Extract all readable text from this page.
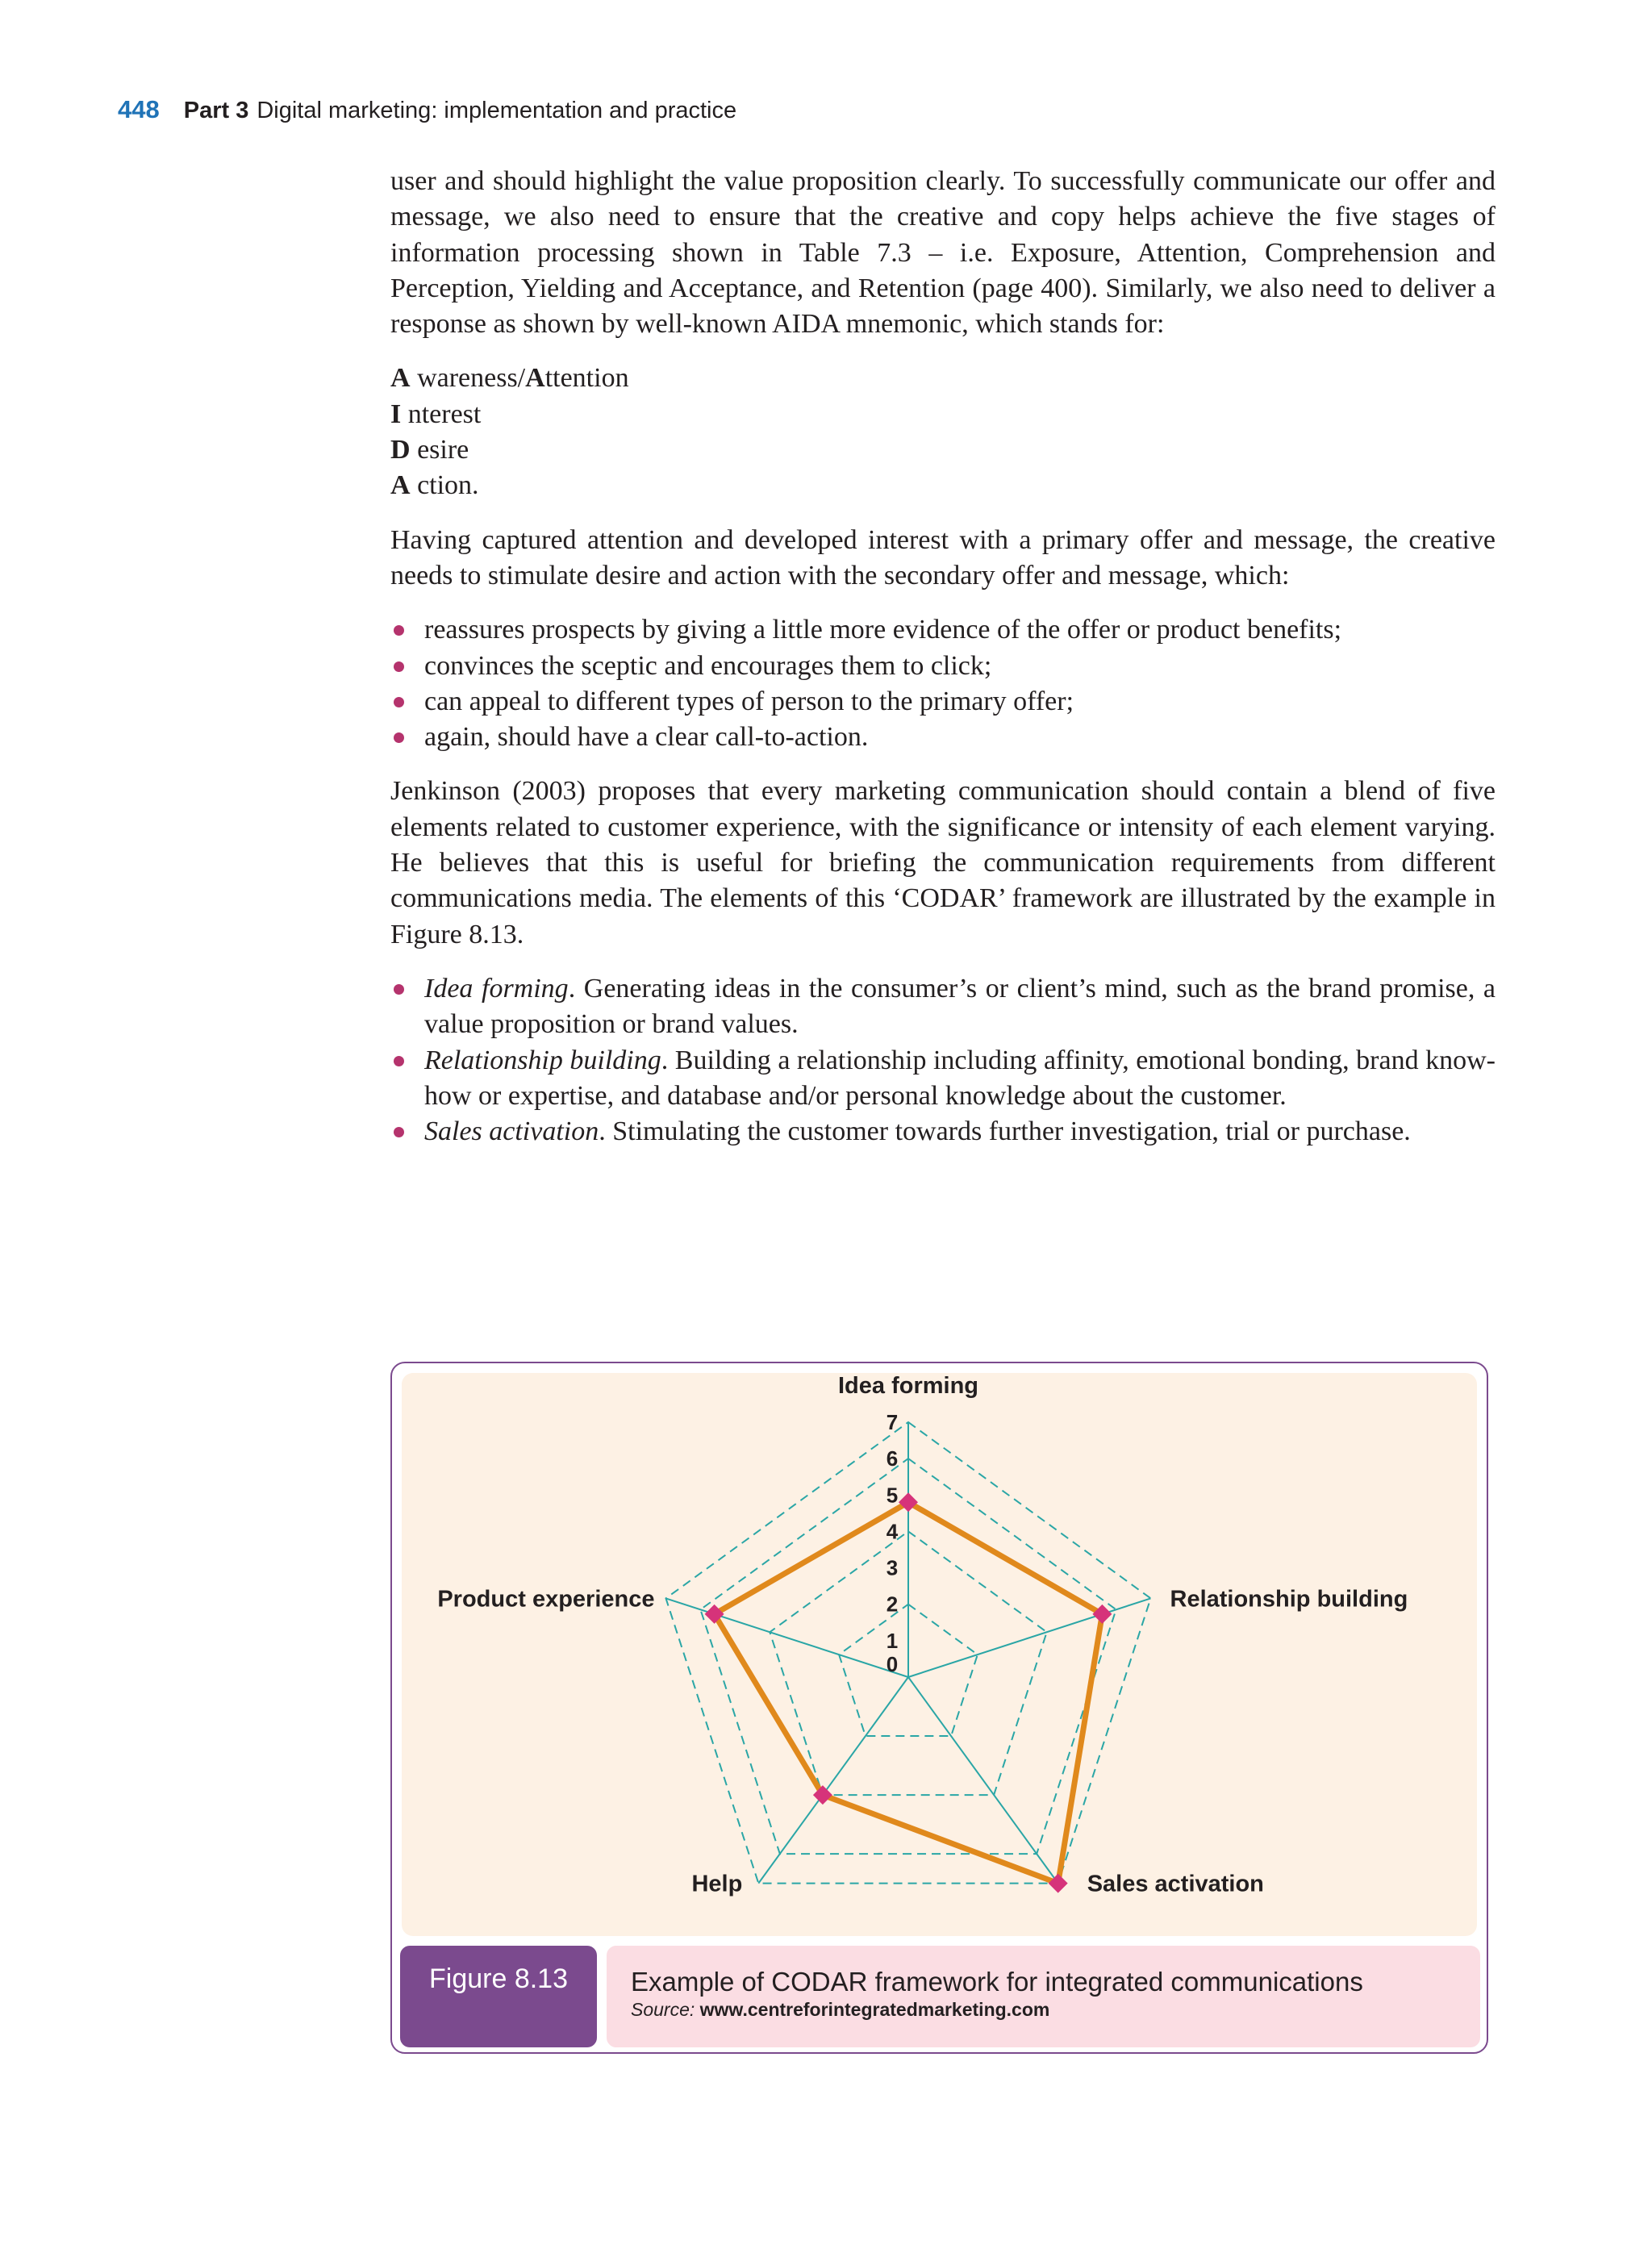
448 Part 3 Digital marketing: implementation and practice

user and should highlight the value proposition clearly. To successfully communicate our offer and message, we also need to ensure that the creative and copy helps achieve the five stages of information processing shown in Table 7.3 – i.e. Exposure, Attention, Comprehension and Perception, Yielding and Acceptance, and Retention (page 400). Similarly, we also need to deliver a response as shown by well-known AIDA mnemonic, which stands for:

A wareness/Attention
I nterest
D esire
A ction.

Having captured attention and developed interest with a primary offer and message, the creative needs to stimulate desire and action with the secondary offer and message, which:

reassures prospects by giving a little more evidence of the offer or product benefits;
convinces the sceptic and encourages them to click;
can appeal to different types of person to the primary offer;
again, should have a clear call-to-action.

Jenkinson (2003) proposes that every marketing communication should contain a blend of five elements related to customer experience, with the significance or intensity of each element varying. He believes that this is useful for briefing the communication requirements from different communications media. The elements of this ‘CODAR’ framework are illustrated by the example in Figure 8.13.

Idea forming. Generating ideas in the consumer’s or client’s mind, such as the brand promise, a value proposition or brand values.
Relationship building. Building a relationship including affinity, emotional bonding, brand know-how or expertise, and database and/or personal knowledge about the customer.
Sales activation. Stimulating the customer towards further investigation, trial or purchase.
0
1
2
3
4
5
6
7
Idea forming
Relationship building
Sales activation
Help
Product experience
Figure 8.13	Example of CODAR framework for integrated communications
Source: www.centreforintegratedmarketing.com
